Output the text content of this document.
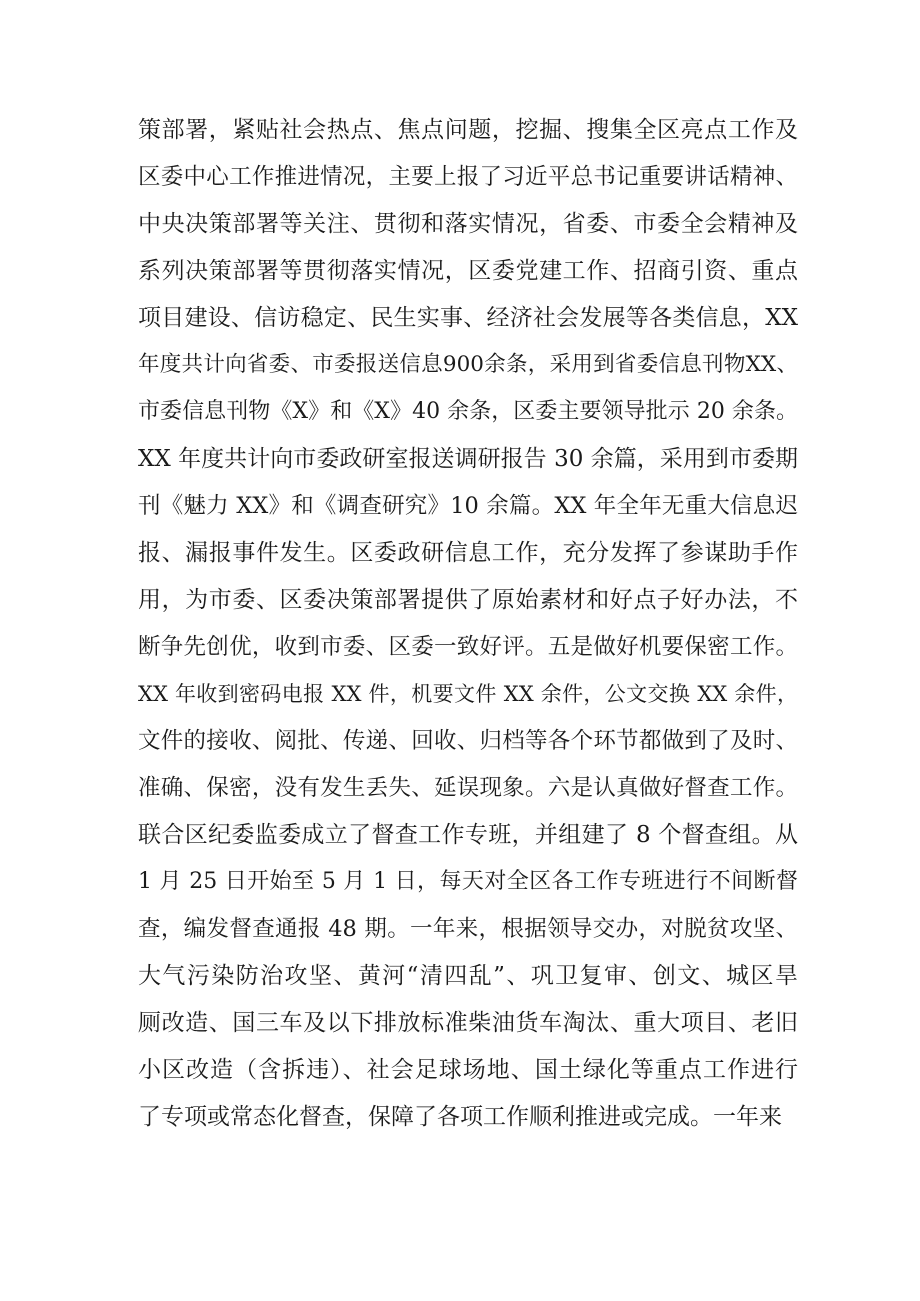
策部署，紧贴社会热点、焦点问题，挖掘、搜集全区亮点工作及
区委中心工作推进情况，主要上报了习近平总书记重要讲话精神、
中央决策部署等关注、贯彻和落实情况，省委、市委全会精神及
系列决策部署等贯彻落实情况，区委党建工作、招商引资、重点
项目建设、信访稳定、民生实事、经济社会发展等各类信息，XX
年度共计向省委、市委报送信息900余条，采用到省委信息刊物XX、
市委信息刊物《X》和《X》40 余条，区委主要领导批示 20 余条。
XX 年度共计向市委政研室报送调研报告 30 余篇，采用到市委期
刊《魅力 XX》和《调查研究》10 余篇。XX 年全年无重大信息迟
报、漏报事件发生。区委政研信息工作，充分发挥了参谋助手作
用，为市委、区委决策部署提供了原始素材和好点子好办法，不
断争先创优，收到市委、区委一致好评。五是做好机要保密工作。
XX 年收到密码电报 XX 件，机要文件 XX 余件，公文交换 XX 余件，
文件的接收、阅批、传递、回收、归档等各个环节都做到了及时、
准确、保密，没有发生丢失、延误现象。六是认真做好督查工作。
联合区纪委监委成立了督查工作专班，并组建了 8 个督查组。从
1 月 25 日开始至 5 月 1 日，每天对全区各工作专班进行不间断督
查，编发督查通报 48 期。一年来，根据领导交办，对脱贫攻坚、
大气污染防治攻坚、黄河“清四乱”、巩卫复审、创文、城区旱
厕改造、国三车及以下排放标准柴油货车淘汰、重大项目、老旧
小区改造（含拆违）、社会足球场地、国土绿化等重点工作进行
了专项或常态化督查，保障了各项工作顺利推进或完成。一年来
